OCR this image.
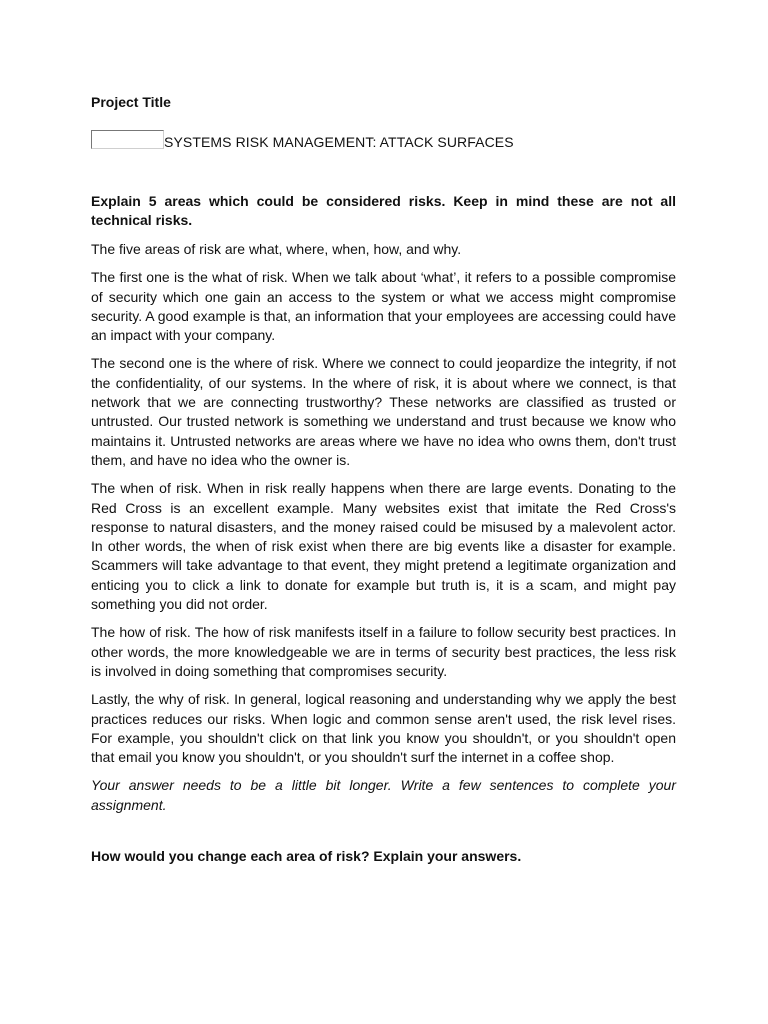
Project Title

SYSTEMS RISK MANAGEMENT: ATTACK SURFACES

Explain 5 areas which could be considered risks. Keep in mind these are not all technical risks.

The five areas of risk are what, where, when, how, and why.

The first one is the what of risk. When we talk about ‘what’, it refers to a possible compromise of security which one gain an access to the system or what we access might compromise security. A good example is that, an information that your employees are accessing could have an impact with your company.

The second one is the where of risk. Where we connect to could jeopardize the integrity, if not the confidentiality, of our systems. In the where of risk, it is about where we connect, is that network that we are connecting trustworthy? These networks are classified as trusted or untrusted. Our trusted network is something we understand and trust because we know who maintains it. Untrusted networks are areas where we have no idea who owns them, don't trust them, and have no idea who the owner is.

The when of risk. When in risk really happens when there are large events. Donating to the Red Cross is an excellent example. Many websites exist that imitate the Red Cross's response to natural disasters, and the money raised could be misused by a malevolent actor. In other words, the when of risk exist when there are big events like a disaster for example. Scammers will take advantage to that event, they might pretend a legitimate organization and enticing you to click a link to donate for example but truth is, it is a scam, and might pay something you did not order.

The how of risk. The how of risk manifests itself in a failure to follow security best practices. In other words, the more knowledgeable we are in terms of security best practices, the less risk is involved in doing something that compromises security.

Lastly, the why of risk. In general, logical reasoning and understanding why we apply the best practices reduces our risks. When logic and common sense aren't used, the risk level rises. For example, you shouldn't click on that link you know you shouldn't, or you shouldn't open that email you know you shouldn't, or you shouldn't surf the internet in a coffee shop.

Your answer needs to be a little bit longer. Write a few sentences to complete your assignment.

How would you change each area of risk? Explain your answers.
